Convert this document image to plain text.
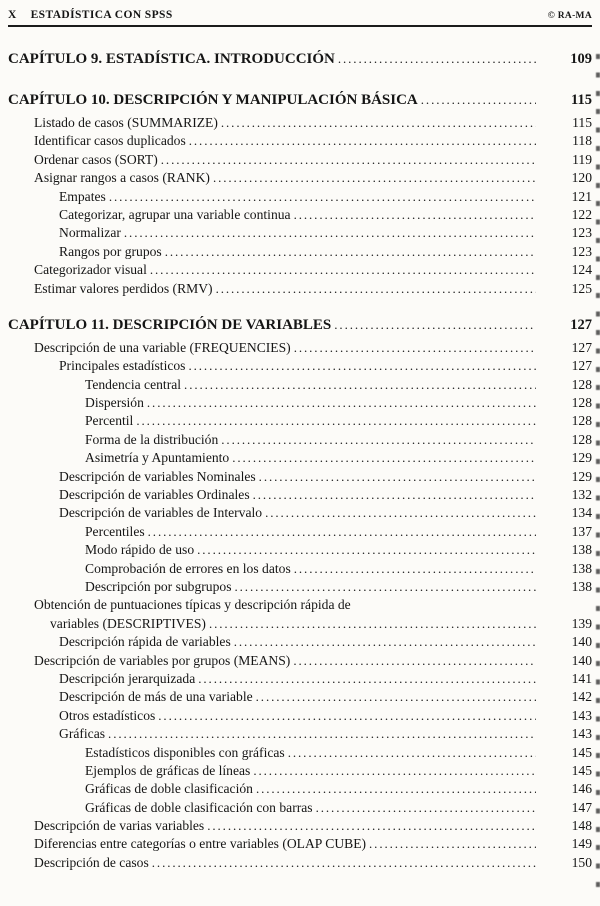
X ESTADÍSTICA CON SPSS	© RA-MA
CAPÍTULO 9. ESTADÍSTICA. INTRODUCCIÓN .....	109
CAPÍTULO 10. DESCRIPCIÓN Y MANIPULACIÓN BÁSICA .....	115
Listado de casos (SUMMARIZE) .....	115
Identificar casos duplicados .....	118
Ordenar casos (SORT) .....	119
Asignar rangos a casos (RANK) .....	120
Empates .....	121
Categorizar, agrupar una variable continua .....	122
Normalizar .....	123
Rangos por grupos .....	123
Categorizador visual .....	124
Estimar valores perdidos (RMV) .....	125
CAPÍTULO 11. DESCRIPCIÓN DE VARIABLES .....	127
Descripción de una variable (FREQUENCIES) .....	127
Principales estadísticos .....	127
Tendencia central .....	128
Dispersión .....	128
Percentil .....	128
Forma de la distribución .....	128
Asimetría y Apuntamiento .....	129
Descripción de variables Nominales .....	129
Descripción de variables Ordinales .....	132
Descripción de variables de Intervalo .....	134
Percentiles .....	137
Modo rápido de uso .....	138
Comprobación de errores en los datos .....	138
Descripción por subgrupos .....	138
Obtención de puntuaciones típicas y descripción rápida de
variables (DESCRIPTIVES) .....	139
Descripción rápida de variables .....	140
Descripción de variables por grupos (MEANS) .....	140
Descripción jerarquizada .....	141
Descripción de más de una variable .....	142
Otros estadísticos .....	143
Gráficas .....	143
Estadísticos disponibles con gráficas .....	145
Ejemplos de gráficas de líneas .....	145
Gráficas de doble clasificación .....	146
Gráficas de doble clasificación con barras .....	147
Descripción de varias variables .....	148
Diferencias entre categorías o entre variables (OLAP CUBE) .....	149
Descripción de casos .....	150
